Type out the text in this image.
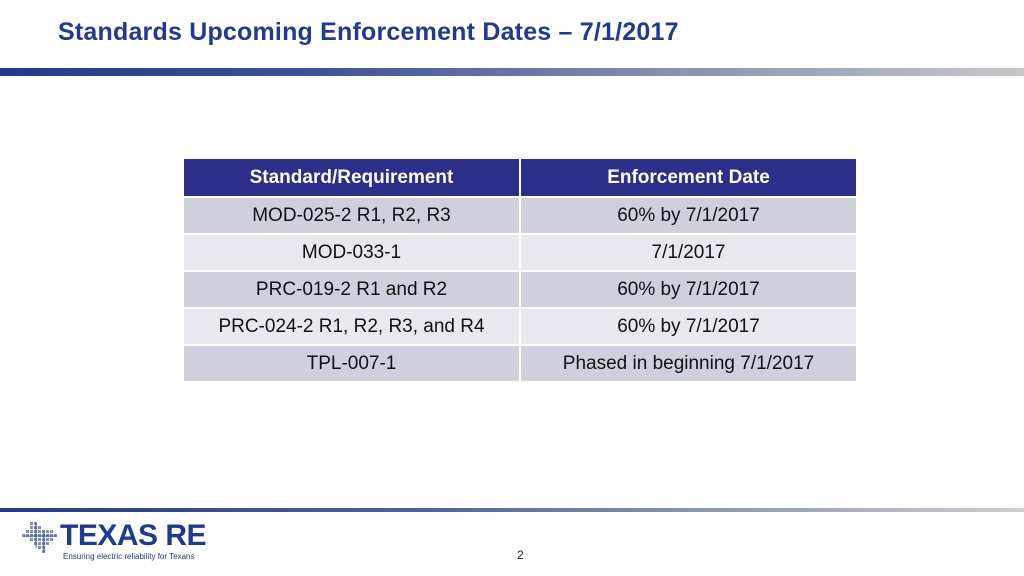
Standards Upcoming Enforcement Dates – 7/1/2017
Standard/Requirement	Enforcement Date
MOD-025-2 R1, R2, R3	60% by 7/1/2017
MOD-033-1	7/1/2017
PRC-019-2 R1 and R2	60% by 7/1/2017
PRC-024-2 R1, R2, R3, and R4	60% by 7/1/2017
TPL-007-1	Phased in beginning 7/1/2017
TEXAS RE
Ensuring electric reliability for Texans	2
